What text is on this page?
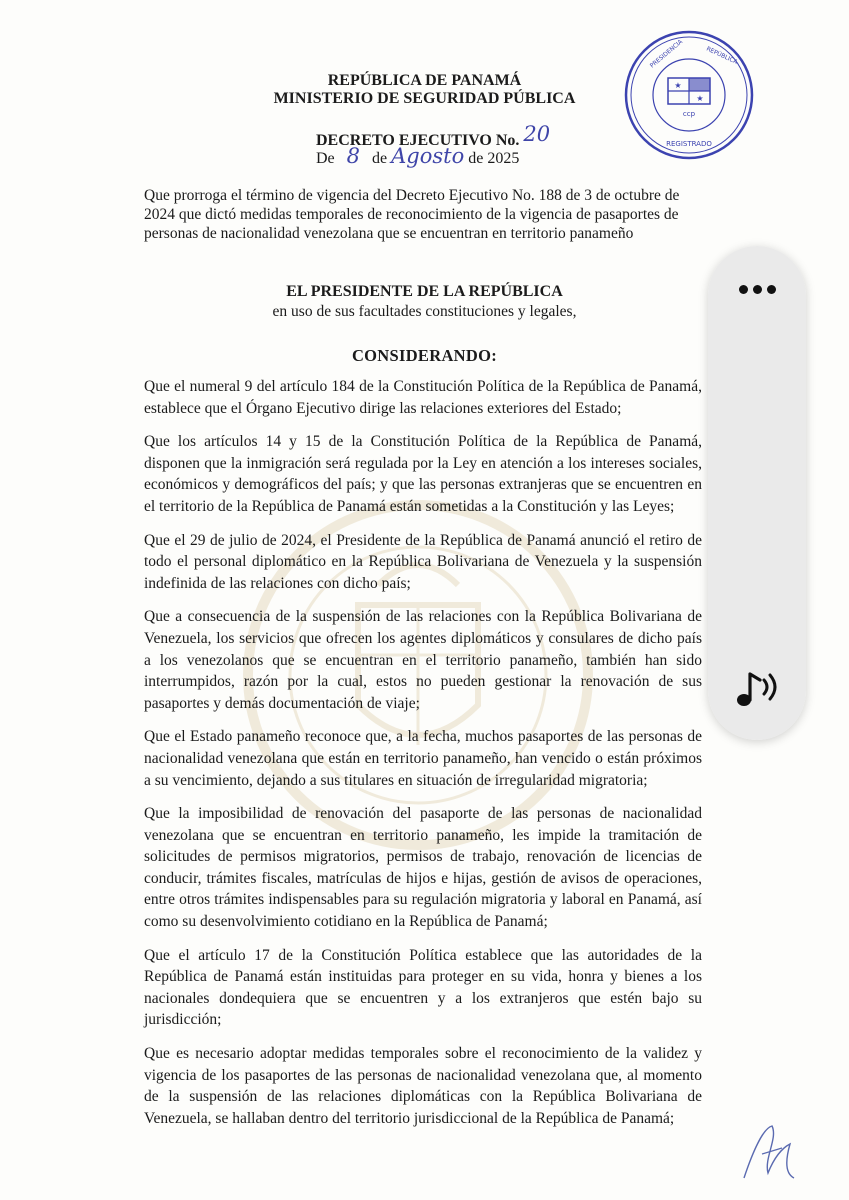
★
★
ccp
REGISTRADO
PRESIDENCIA	REPÚBLICA
REPÚBLICA DE PANAMÁ
MINISTERIO DE SEGURIDAD PÚBLICA
DECRETO EJECUTIVO No. 20
De 8 de Agosto de 2025
Que prorroga el término de vigencia del Decreto Ejecutivo No. 188 de 3 de octubre de 2024 que dictó medidas temporales de reconocimiento de la vigencia de pasaportes de personas de nacionalidad venezolana que se encuentran en territorio panameño
EL PRESIDENTE DE LA REPÚBLICA
en uso de sus facultades constituciones y legales,
CONSIDERANDO:

Que el numeral 9 del artículo 184 de la Constitución Política de la República de Panamá, establece que el Órgano Ejecutivo dirige las relaciones exteriores del Estado;

Que los artículos 14 y 15 de la Constitución Política de la República de Panamá, disponen que la inmigración será regulada por la Ley en atención a los intereses sociales, económicos y demográficos del país; y que las personas extranjeras que se encuentren en el territorio de la República de Panamá están sometidas a la Constitución y las Leyes;

Que el 29 de julio de 2024, el Presidente de la República de Panamá anunció el retiro de todo el personal diplomático en la República Bolivariana de Venezuela y la suspensión indefinida de las relaciones con dicho país;

Que a consecuencia de la suspensión de las relaciones con la República Bolivariana de Venezuela, los servicios que ofrecen los agentes diplomáticos y consulares de dicho país a los venezolanos que se encuentran en el territorio panameño, también han sido interrumpidos, razón por la cual, estos no pueden gestionar la renovación de sus pasaportes y demás documentación de viaje;

Que el Estado panameño reconoce que, a la fecha, muchos pasaportes de las personas de nacionalidad venezolana que están en territorio panameño, han vencido o están próximos a su vencimiento, dejando a sus titulares en situación de irregularidad migratoria;

Que la imposibilidad de renovación del pasaporte de las personas de nacionalidad venezolana que se encuentran en territorio panameño, les impide la tramitación de solicitudes de permisos migratorios, permisos de trabajo, renovación de licencias de conducir, trámites fiscales, matrículas de hijos e hijas, gestión de avisos de operaciones, entre otros trámites indispensables para su regulación migratoria y laboral en Panamá, así como su desenvolvimiento cotidiano en la República de Panamá;

Que el artículo 17 de la Constitución Política establece que las autoridades de la República de Panamá están instituidas para proteger en su vida, honra y bienes a los nacionales dondequiera que se encuentren y a los extranjeros que estén bajo su jurisdicción;

Que es necesario adoptar medidas temporales sobre el reconocimiento de la validez y vigencia de los pasaportes de las personas de nacionalidad venezolana que, al momento de la suspensión de las relaciones diplomáticas con la República Bolivariana de Venezuela, se hallaban dentro del territorio jurisdiccional de la República de Panamá;
